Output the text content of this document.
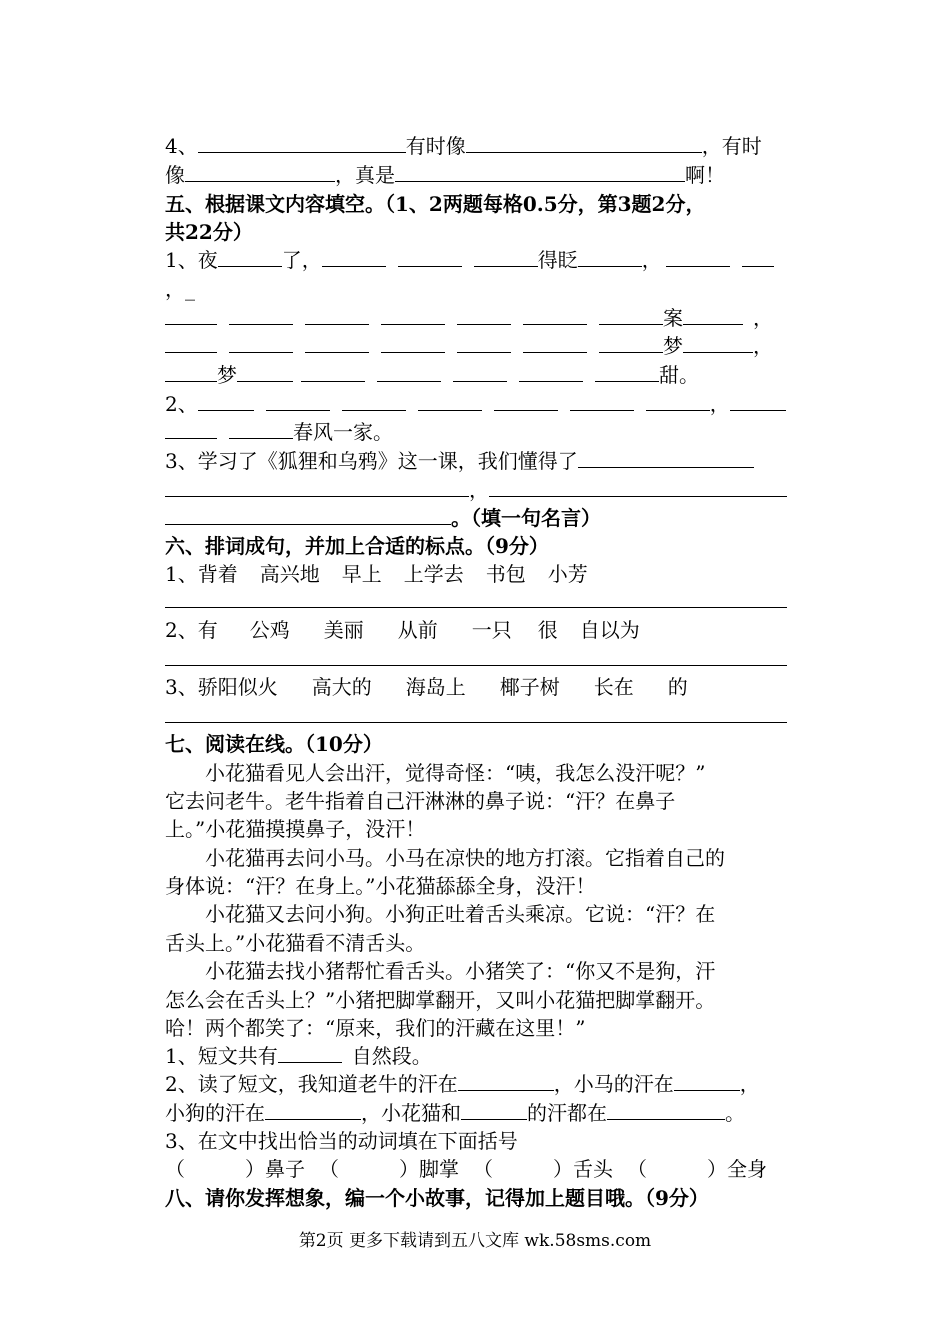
4、	有时像	，有时
像	，真是	啊！
五、根据课文内容填空。（1、2两题每格0.5分，第3题2分，
共22分）
1、夜	了，	得眨	，
，_
案	，
梦	，
梦	甜。
2、	，
春风一家。
3、学习了《狐狸和乌鸦》这一课，我们懂得了
，
。（填一句名言）
六、排词成句，并加上合适的标点。（9分）
1、背着 高兴地 早上 上学去 书包 小芳
2、有 公鸡 美丽 从前 一只 很 自以为
3、骄阳似火 高大的 海岛上 椰子树 长在 的
七、阅读在线。（10分）
小花猫看见人会出汗，觉得奇怪：“咦，我怎么没汗呢？”
它去问老牛。老牛指着自己汗淋淋的鼻子说：“汗？在鼻子
上。”小花猫摸摸鼻子，没汗！
小花猫再去问小马。小马在凉快的地方打滚。它指着自己的
身体说：“汗？在身上。”小花猫舔舔全身，没汗！
小花猫又去问小狗。小狗正吐着舌头乘凉。它说：“汗？在
舌头上。”小花猫看不清舌头。
小花猫去找小猪帮忙看舌头。小猪笑了：“你又不是狗，汗
怎么会在舌头上？”小猪把脚掌翻开，又叫小花猫把脚掌翻开。
哈！两个都笑了：“原来，我们的汗藏在这里！”
1、短文共有	自然段。
2、读了短文，我知道老牛的汗在	，小马的汗在	，
小狗的汗在	，小花猫和	的汗都在	。
3、在文中找出恰当的动词填在下面括号
（　　　）鼻子 （　　　）脚掌 （　　　）舌头 （　　　）全身
八、请你发挥想象，编一个小故事，记得加上题目哦。（9分）
第2页 更多下载请到五八文库 wk.58sms.com
